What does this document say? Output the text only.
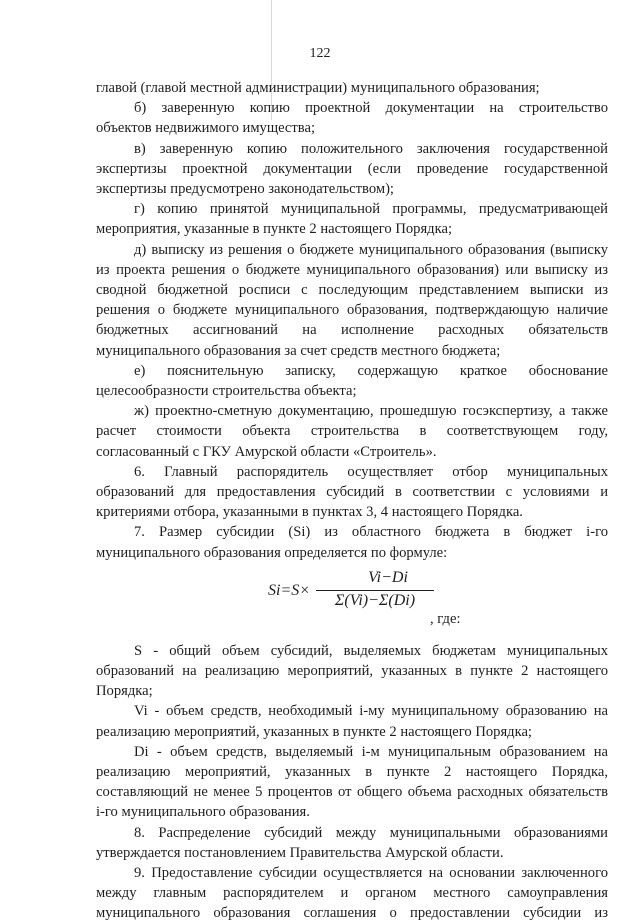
122
главой (главой местной администрации) муниципального образования;
б) заверенную копию проектной документации на строительство
объектов недвижимого имущества;
в) заверенную копию положительного заключения государственной
экспертизы проектной документации (если проведение государственной
экспертизы предусмотрено законодательством);
г) копию принятой муниципальной программы, предусматривающей
мероприятия, указанные в пункте 2 настоящего Порядка;
д) выписку из решения о бюджете муниципального образования (выписку
из проекта решения о бюджете муниципального образования) или выписку из
сводной бюджетной росписи с последующим представлением выписки из
решения о бюджете муниципального образования, подтверждающую наличие
бюджетных ассигнований на исполнение расходных обязательств
муниципального образования за счет средств местного бюджета;
е) пояснительную записку, содержащую краткое обоснование
целесообразности строительства объекта;
ж) проектно-сметную документацию, прошедшую госэкспертизу, а также
расчет стоимости объекта строительства в соответствующем году,
согласованный с ГКУ Амурской области «Строитель».
6. Главный распорядитель осуществляет отбор муниципальных
образований для предоставления субсидий в соответствии с условиями и
критериями отбора, указанными в пунктах 3, 4 настоящего Порядка.
7. Размер субсидии (Si) из областного бюджета в бюджет i-го
муниципального образования определяется по формуле:
Si=S×
Vi−Di
Σ(Vi)−Σ(Di)
, где:
S - общий объем субсидий, выделяемых бюджетам муниципальных
образований на реализацию мероприятий, указанных в пункте 2 настоящего
Порядка;
Vi - объем средств, необходимый i-му муниципальному образованию на
реализацию мероприятий, указанных в пункте 2 настоящего Порядка;
Di - объем средств, выделяемый i-м муниципальным образованием на
реализацию мероприятий, указанных в пункте 2 настоящего Порядка,
составляющий не менее 5 процентов от общего объема расходных обязательств
i-го муниципального образования.
8. Распределение субсидий между муниципальными образованиями
утверждается постановлением Правительства Амурской области.
9. Предоставление субсидии осуществляется на основании заключенного
между главным распорядителем и органом местного самоуправления
муниципального образования соглашения о предоставлении субсидии из
